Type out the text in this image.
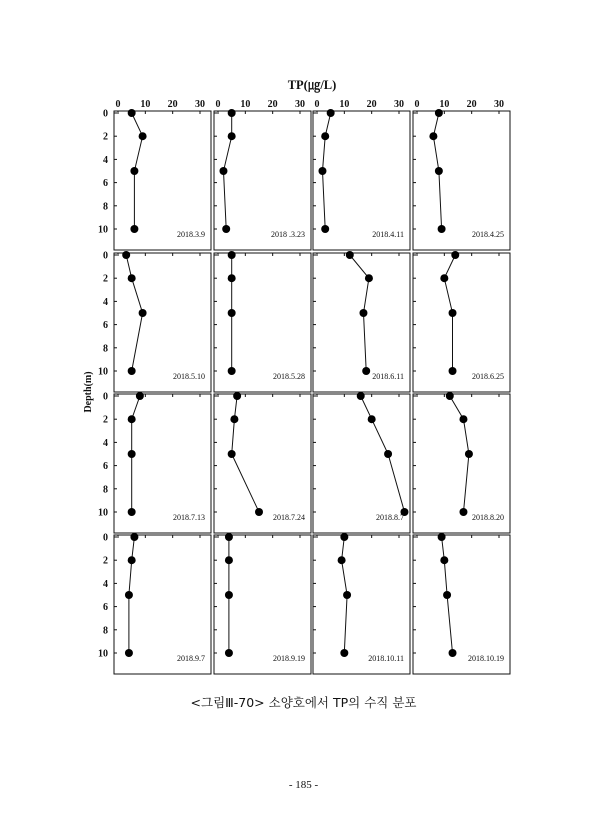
TP(㎍/L)
Depth(m)
0
2
4
6
8
10
0 10 20 30
2018.3.9
0 10 20 30
2018 .3.23
0 10 20 30
2018.4.11
0 10 20 30
2018.4.25
0
2
4
6
8
10	2018.5.10	2018.5.28	2018.6.11	2018.6.25
0
2
4
6
8
10	2018.7.13	2018.7.24	2018.8.7	2018.8.20
0
2
4
6
8
10	2018.9.7	2018.9.19	2018.10.11	2018.10.19
<그림Ⅲ-70> 소양호에서 TP의 수직 분포
- 185 -
